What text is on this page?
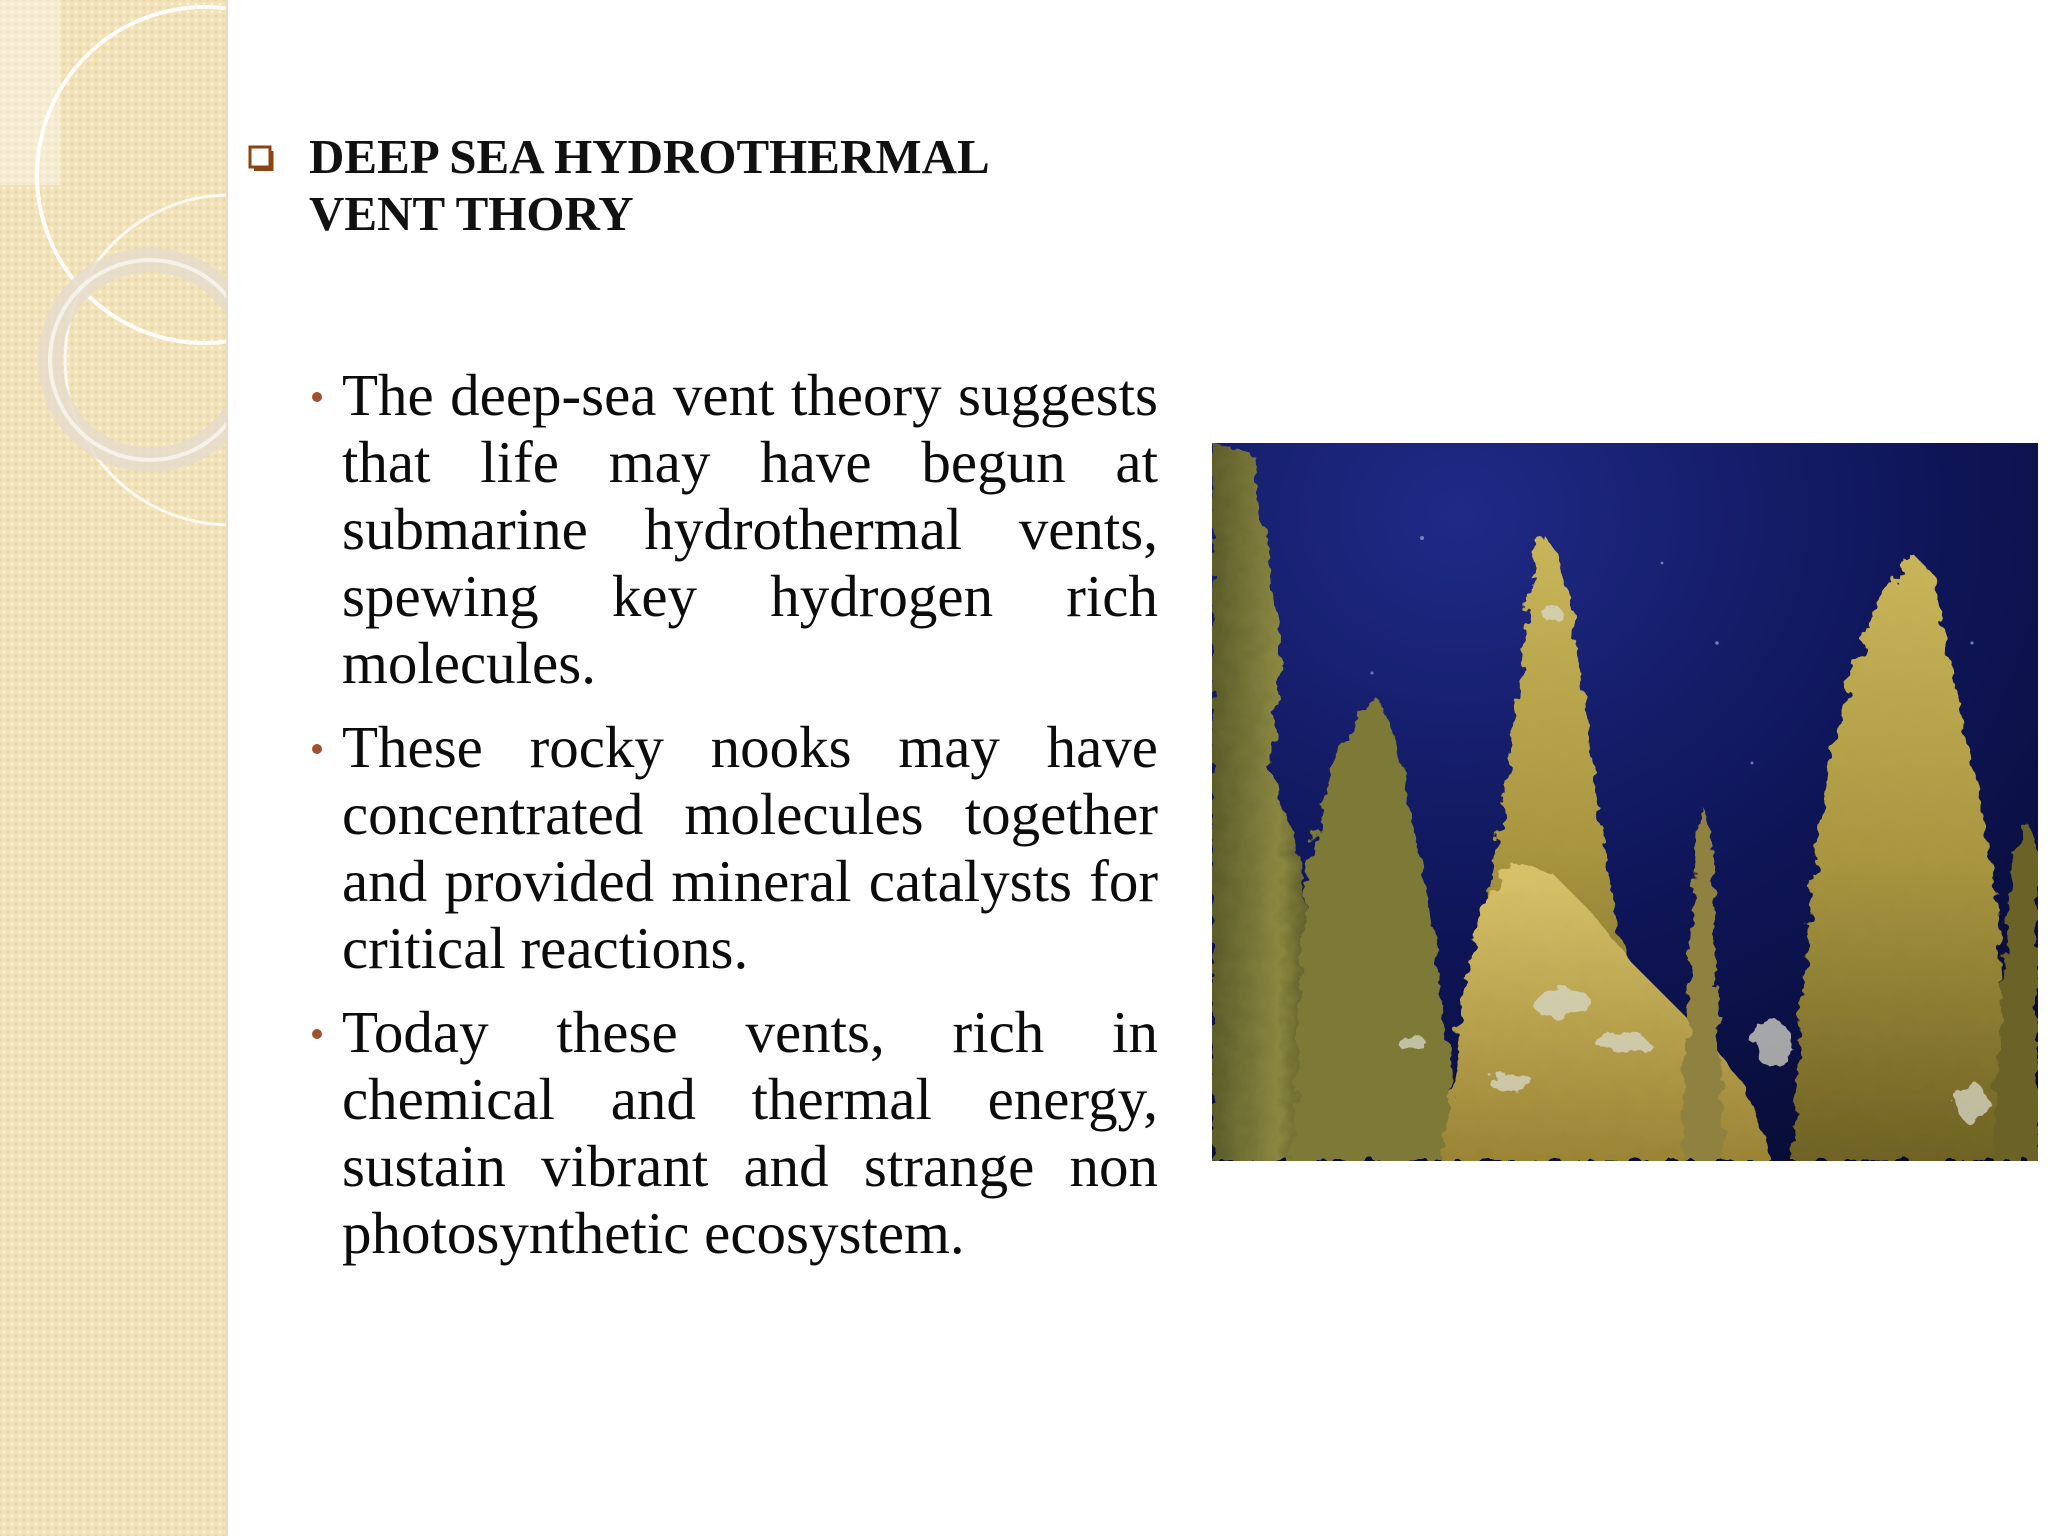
DEEP SEA HYDROTHERMAL
VENT THORY
The deep-sea vent theory suggests that life may have begun at submarine hydrothermal vents, spewing key hydrogen rich molecules.
These rocky nooks may have concentrated molecules together and provided mineral catalysts for critical reactions.
Today these vents, rich in chemical and thermal energy, sustain vibrant and strange non photosynthetic ecosystem.
